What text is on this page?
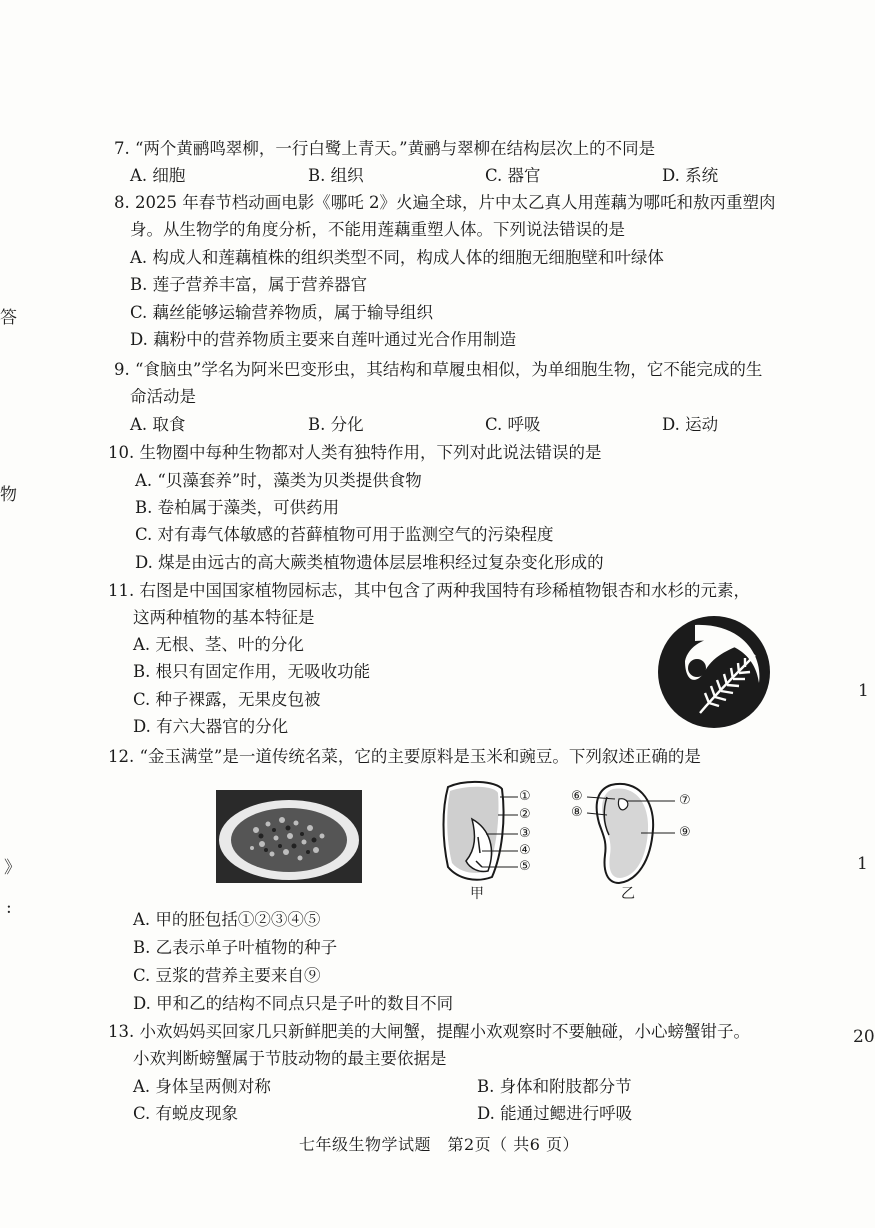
答
物
》
:
1
1
20
7. “两个黄鹂鸣翠柳，一行白鹭上青天。”黄鹂与翠柳在结构层次上的不同是
A. 细胞	B. 组织	C. 器官	D. 系统
8. 2025 年春节档动画电影《哪吒 2》火遍全球，片中太乙真人用莲藕为哪吒和敖丙重塑肉
身。从生物学的角度分析，不能用莲藕重塑人体。下列说法错误的是
A. 构成人和莲藕植株的组织类型不同，构成人体的细胞无细胞壁和叶绿体
B. 莲子营养丰富，属于营养器官
C. 藕丝能够运输营养物质，属于输导组织
D. 藕粉中的营养物质主要来自莲叶通过光合作用制造
9. “食脑虫”学名为阿米巴变形虫，其结构和草履虫相似，为单细胞生物，它不能完成的生
命活动是
A. 取食	B. 分化	C. 呼吸	D. 运动
10. 生物圈中每种生物都对人类有独特作用，下列对此说法错误的是
A. “贝藻套养”时，藻类为贝类提供食物
B. 卷柏属于藻类，可供药用
C. 对有毒气体敏感的苔藓植物可用于监测空气的污染程度
D. 煤是由远古的高大蕨类植物遗体层层堆积经过复杂变化形成的
11. 右图是中国国家植物园标志，其中包含了两种我国特有珍稀植物银杏和水杉的元素，
这两种植物的基本特征是
A. 无根、茎、叶的分化
B. 根只有固定作用，无吸收功能
C. 种子裸露，无果皮包被
D. 有六大器官的分化
12. “金玉满堂”是一道传统名菜，它的主要原料是玉米和豌豆。下列叙述正确的是
①
②
③
④
⑤
甲
⑥
⑧
⑦
⑨
乙
A. 甲的胚包括①②③④⑤
B. 乙表示单子叶植物的种子
C. 豆浆的营养主要来自⑨
D. 甲和乙的结构不同点只是子叶的数目不同
13. 小欢妈妈买回家几只新鲜肥美的大闸蟹，提醒小欢观察时不要触碰，小心螃蟹钳子。
小欢判断螃蟹属于节肢动物的最主要依据是
A. 身体呈两侧对称	B. 身体和附肢都分节
C. 有蜕皮现象	D. 能通过鳃进行呼吸
七年级生物学试题　第2页（ 共6 页）
